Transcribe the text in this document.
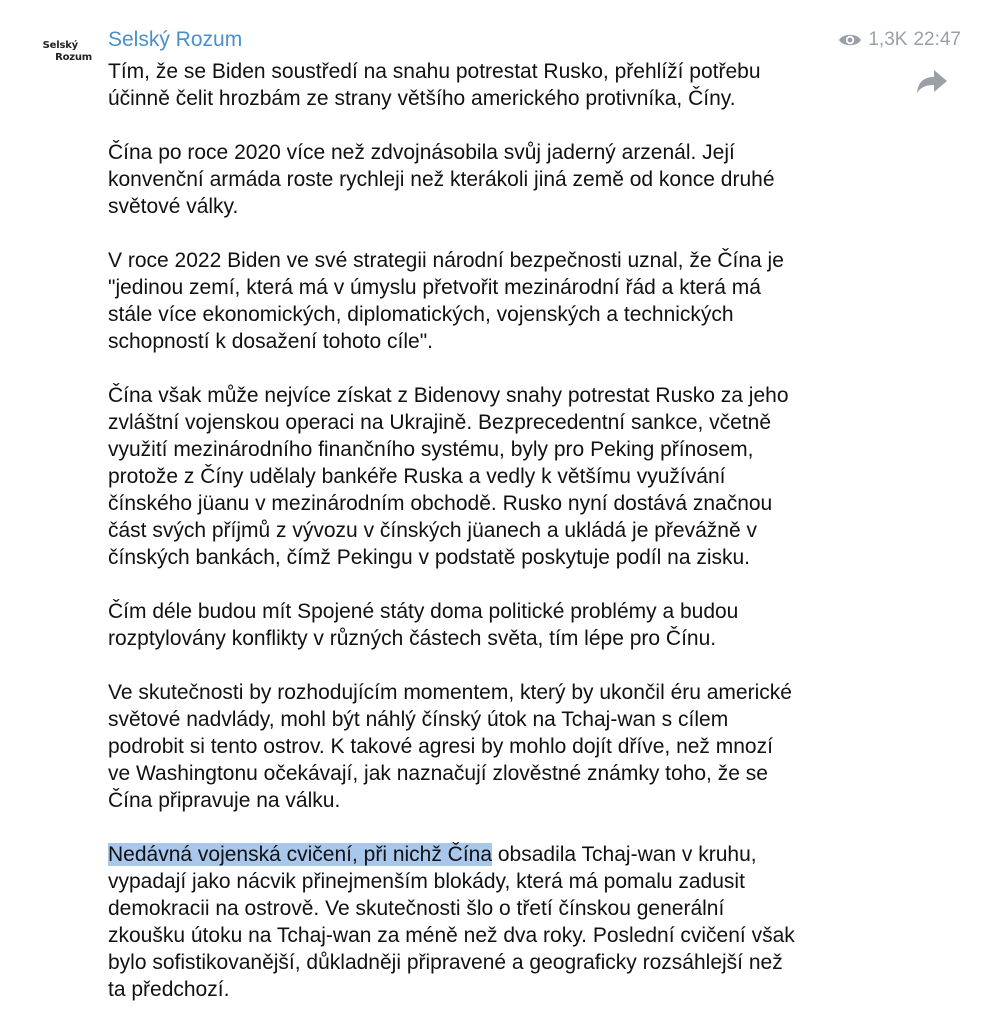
Selský
Rozum
Selský Rozum	1,3K 22:47

Tím, že se Biden soustředí na snahu potrestat Rusko, přehlíží potřebu
účinně čelit hrozbám ze strany většího amerického protivníka, Číny.

Čína po roce 2020 více než zdvojnásobila svůj jaderný arzenál. Její
konvenční armáda roste rychleji než kterákoli jiná země od konce druhé
světové války.

V roce 2022 Biden ve své strategii národní bezpečnosti uznal, že Čína je
"jedinou zemí, která má v úmyslu přetvořit mezinárodní řád a která má
stále více ekonomických, diplomatických, vojenských a technických
schopností k dosažení tohoto cíle".

Čína však může nejvíce získat z Bidenovy snahy potrestat Rusko za jeho
zvláštní vojenskou operaci na Ukrajině. Bezprecedentní sankce, včetně
využití mezinárodního finančního systému, byly pro Peking přínosem,
protože z Číny udělaly bankéře Ruska a vedly k většímu využívání
čínského jüanu v mezinárodním obchodě. Rusko nyní dostává značnou
část svých příjmů z vývozu v čínských jüanech a ukládá je převážně v
čínských bankách, čímž Pekingu v podstatě poskytuje podíl na zisku.

Čím déle budou mít Spojené státy doma politické problémy a budou
rozptylovány konflikty v různých částech světa, tím lépe pro Čínu.

Ve skutečnosti by rozhodujícím momentem, který by ukončil éru americké
světové nadvlády, mohl být náhlý čínský útok na Tchaj-wan s cílem
podrobit si tento ostrov. K takové agresi by mohlo dojít dříve, než mnozí
ve Washingtonu očekávají, jak naznačují zlověstné známky toho, že se
Čína připravuje na válku.

Nedávná vojenská cvičení, při nichž Čína obsadila Tchaj-wan v kruhu,
vypadají jako nácvik přinejmenším blokády, která má pomalu zadusit
demokracii na ostrově. Ve skutečnosti šlo o třetí čínskou generální
zkoušku útoku na Tchaj-wan za méně než dva roky. Poslední cvičení však
bylo sofistikovanější, důkladněji připravené a geograficky rozsáhlejší než
ta předchozí.
